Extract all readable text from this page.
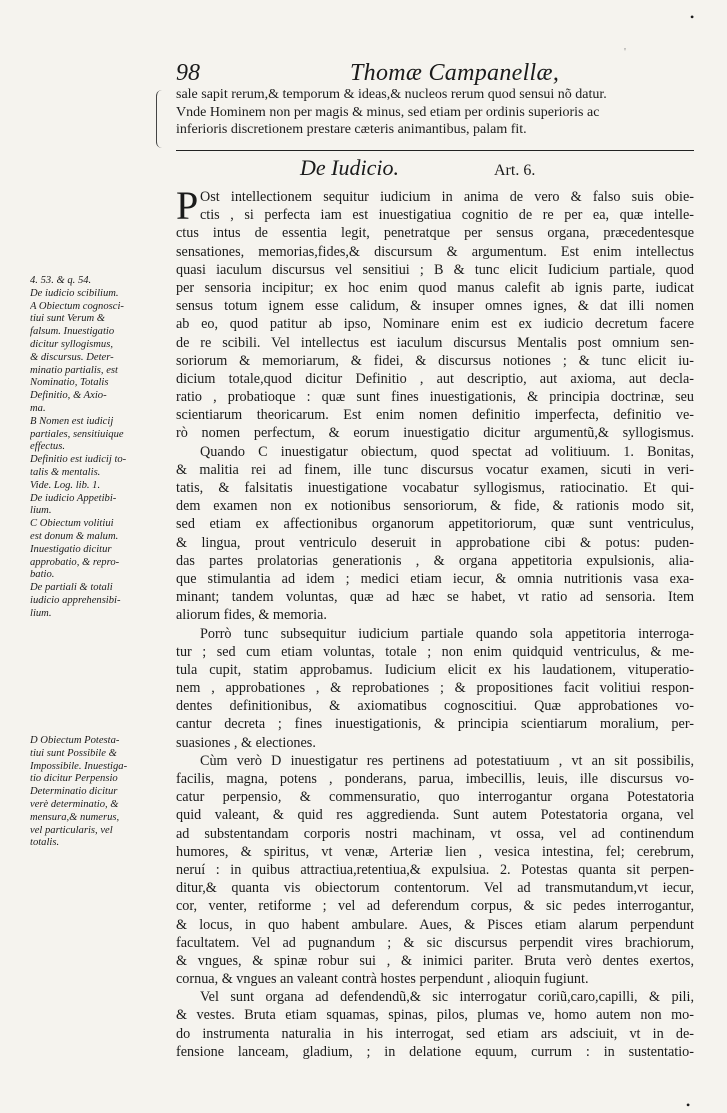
•
'
98	Thomæ Campanellæ,
sale sapit rerum,& temporum & ideas,& nucleos rerum quod sensui nõ datur.
Vnde Hominem non per magis & minus, sed etiam per ordinis superioris ac
inferioris discretionem prestare cæteris animantibus, palam fit.
De Iudicio.	Art. 6.
P Ost intellectionem sequitur iudicium in anima de vero & falso suis obie-
ctis , si perfecta iam est inuestigatiua cognitio de re per ea, quæ intelle-
ctus intus de essentia legit, penetratque per sensus organa, præcedentesque
sensationes, memorias,fides,& discursum & argumentum. Est enim intellectus
quasi iaculum discursus vel sensitiui ; B & tunc elicit Iudicium partiale, quod
per sensoria incipitur; ex hoc enim quod manus calefit ab ignis parte, iudicat
sensus totum ignem esse calidum, & insuper omnes ignes, & dat illi nomen
ab eo, quod patitur ab ipso, Nominare enim est ex iudicio decretum facere
de re scibili. Vel intellectus est iaculum discursus Mentalis post omnium sen-
soriorum & memoriarum, & fidei, & discursus notiones ; & tunc elicit iu-
dicium totale,quod dicitur Definitio , aut descriptio, aut axioma, aut decla-
ratio , probatioque : quæ sunt fines inuestigationis, & principia doctrinæ, seu
scientiarum theoricarum. Est enim nomen definitio imperfecta, definitio ve-
rò nomen perfectum, & eorum inuestigatio dicitur argumentũ,& syllogismus.
Quando C inuestigatur obiectum, quod spectat ad volitiuum. 1. Bonitas,
& malitia rei ad finem, ille tunc discursus vocatur examen, sicuti in veri-
tatis, & falsitatis inuestigatione vocabatur syllogismus, ratiocinatio. Et qui-
dem examen non ex notionibus sensoriorum, & fide, & rationis modo sit,
sed etiam ex affectionibus organorum appetitoriorum, quæ sunt ventriculus,
& lingua, prout ventriculo deseruit in approbatione cibi & potus: puden-
das partes prolatorias generationis , & organa appetitoria expulsionis, alia-
que stimulantia ad idem ; medici etiam iecur, & omnia nutritionis vasa exa-
minant; tandem voluntas, quæ ad hæc se habet, vt ratio ad sensoria. Item
aliorum fides, & memoria.
Porrò tunc subsequitur iudicium partiale quando sola appetitoria interroga-
tur ; sed cum etiam voluntas, totale ; non enim quidquid ventriculus, & me-
tula cupit, statim approbamus. Iudicium elicit ex his laudationem, vituperatio-
nem , approbationes , & reprobationes ; & propositiones facit volitiui respon-
dentes definitionibus, & axiomatibus cognoscitiui. Quæ approbationes vo-
cantur decreta ; fines inuestigationis, & principia scientiarum moralium, per-
suasiones , & electiones.
Cùm verò D inuestigatur res pertinens ad potestatiuum , vt an sit possibilis,
facilis, magna, potens , ponderans, parua, imbecillis, leuis, ille discursus vo-
catur perpensio, & commensuratio, quo interrogantur organa Potestatoria
quid valeant, & quid res aggredienda. Sunt autem Potestatoria organa, vel
ad substentandam corporis nostri machinam, vt ossa, vel ad continendum
humores, & spiritus, vt venæ, Arteriæ lien , vesica intestina, fel; cerebrum,
neruí : in quibus attractiua,retentiua,& expulsiua. 2. Potestas quanta sit perpen-
ditur,& quanta vis obiectorum contentorum. Vel ad transmutandum,vt iecur,
cor, venter, retiforme ; vel ad deferendum corpus, & sic pedes interrogantur,
& locus, in quo habent ambulare. Aues, & Pisces etiam alarum perpendunt
facultatem. Vel ad pugnandum ; & sic discursus perpendit vires brachiorum,
& vngues, & spinæ robur sui , & inimici pariter. Bruta verò dentes exertos,
cornua, & vngues an valeant contrà hostes perpendunt , alioquin fugiunt.
Vel sunt organa ad defendendũ,& sic interrogatur coriũ,caro,capilli, & pili,
& vestes. Bruta etiam squamas, spinas, pilos, plumas ve, homo autem non mo-
do instrumenta naturalia in his interrogat, sed etiam ars adsciuit, vt in de-
fensione lanceam, gladium, ; in delatione equum, currum : in sustentatio-
4. 53. & q. 54.
De iudicio scibilium.
A Obiectum cognosci-
tiui sunt Verum &
falsum. Inuestigatio
dicitur syllogismus,
& discursus. Deter-
minatio partialis, est
Nominatio, Totalis
Definitio, & Axio-
ma.
B Nomen est iudicij
partiales, sensitiuique
effectus.
Definitio est iudicij to-
talis & mentalis.
Vide. Log. lib. 1.
De iudicio Appetibi-
lium.
C Obiectum volitiui
est donum & malum.
Inuestigatio dicitur
approbatio, & repro-
batio.
De partiali & totali
iudicio apprehensibi-
lium.
D Obiectum Potesta-
tiui sunt Possibile &
Impossibile. Inuestiga-
tio dicitur Perpensio
Determinatio dicitur
verè determinatio, &
mensura,& numerus,
vel particularis, vel
totalis.
•
